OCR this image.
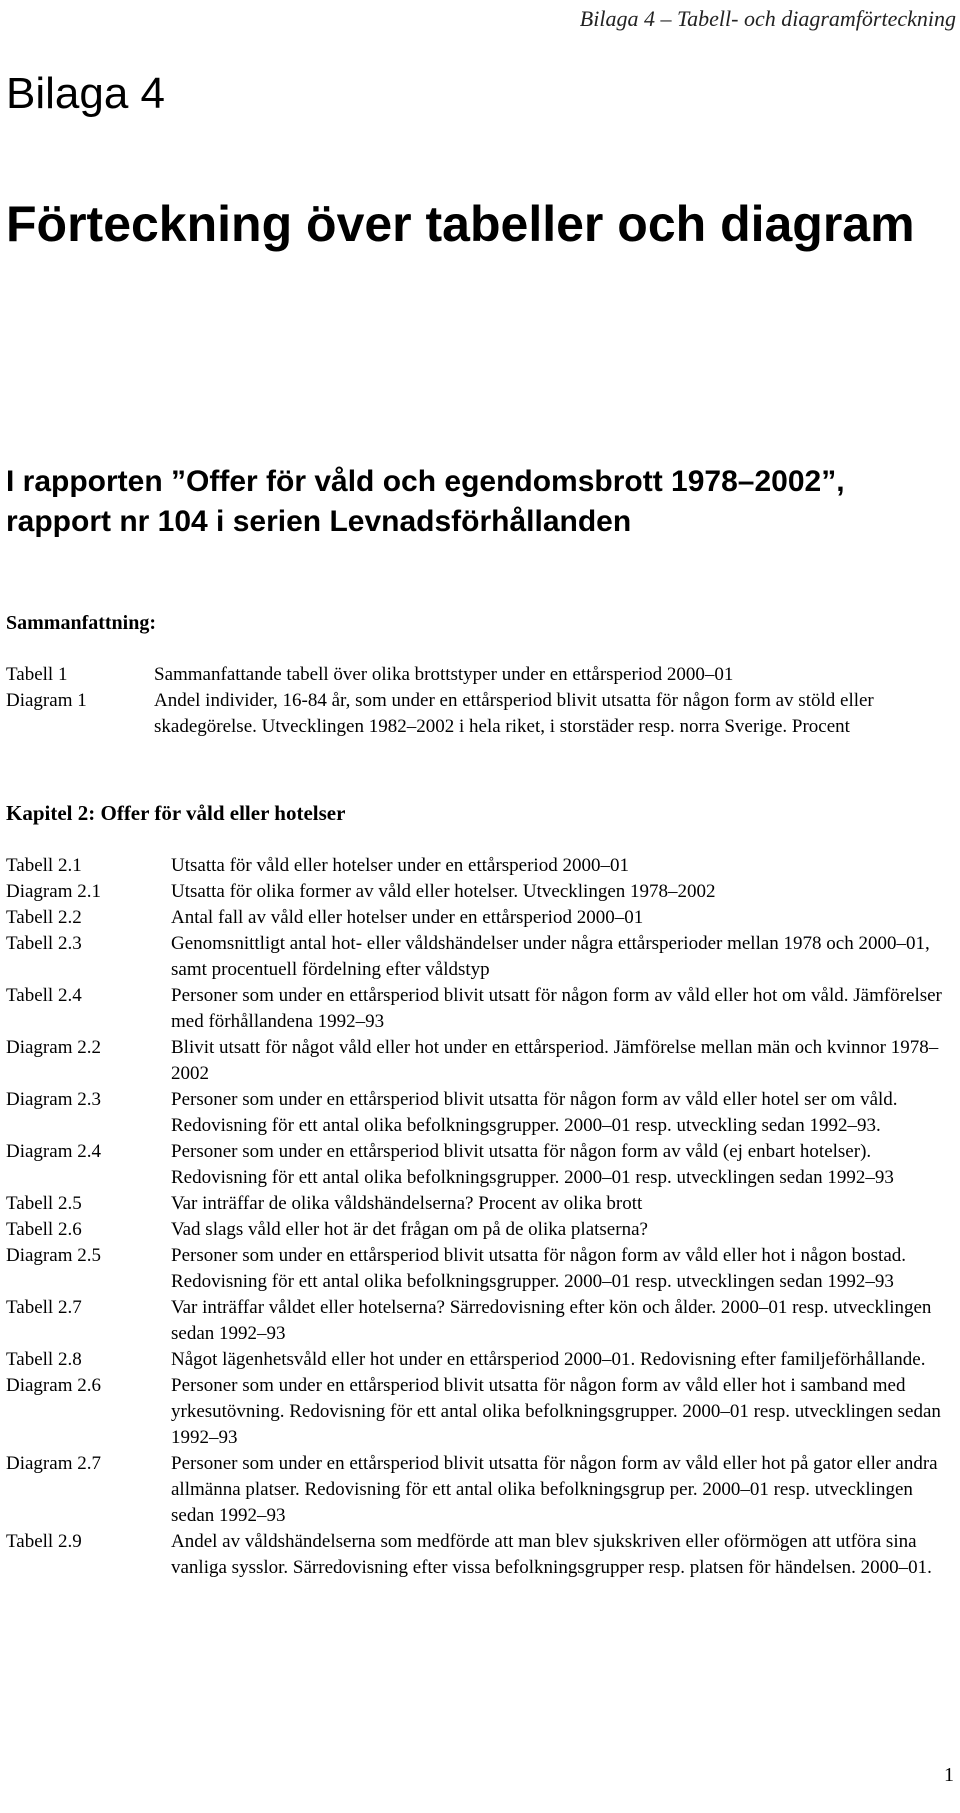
Bilaga 4 – Tabell- och diagramförteckning
Bilaga 4
Förteckning över tabeller och diagram
I rapporten ”Offer för våld och egendomsbrott 1978–2002”, rapport nr 104 i serien Levnadsförhållanden
Sammanfattning:
Tabell 1	Sammanfattande tabell över olika brottstyper under en ettårsperiod 2000–01
Diagram 1	Andel individer, 16-84 år, som under en ettårsperiod blivit utsatta för någon form av stöld eller skadegörelse. Utvecklingen 1982–2002 i hela riket, i storstäder resp. norra Sverige. Procent
Kapitel 2: Offer för våld eller hotelser
Tabell 2.1	Utsatta för våld eller hotelser under en ettårsperiod 2000–01
Diagram 2.1	Utsatta för olika former av våld eller hotelser. Utvecklingen 1978–2002
Tabell 2.2	Antal fall av våld eller hotelser under en ettårsperiod 2000–01
Tabell 2.3	Genomsnittligt antal hot- eller våldshändelser under några ettårsperioder mellan 1978 och 2000–01, samt procentuell fördelning efter våldstyp
Tabell 2.4	Personer som under en ettårsperiod blivit utsatt för någon form av våld eller hot om våld. Jämförelser med förhållandena 1992–93
Diagram 2.2	Blivit utsatt för något våld eller hot under en ettårsperiod. Jämförelse mellan män och kvinnor 1978–2002
Diagram 2.3	Personer som under en ettårsperiod blivit utsatta för någon form av våld eller hotel ser om våld. Redovisning för ett antal olika befolkningsgrupper. 2000–01 resp. utveckling sedan 1992–93.
Diagram 2.4	Personer som under en ettårsperiod blivit utsatta för någon form av våld (ej enbart hotelser). Redovisning för ett antal olika befolkningsgrupper. 2000–01 resp. utvecklingen sedan 1992–93
Tabell 2.5	Var inträffar de olika våldshändelserna? Procent av olika brott
Tabell 2.6	Vad slags våld eller hot är det frågan om på de olika platserna?
Diagram 2.5	Personer som under en ettårsperiod blivit utsatta för någon form av våld eller hot i någon bostad. Redovisning för ett antal olika befolkningsgrupper. 2000–01 resp. utvecklingen sedan 1992–93
Tabell 2.7	Var inträffar våldet eller hotelserna? Särredovisning efter kön och ålder. 2000–01 resp. utvecklingen sedan 1992–93
Tabell 2.8	Något lägenhetsvåld eller hot under en ettårsperiod 2000–01. Redovisning efter familjeförhållande.
Diagram 2.6	Personer som under en ettårsperiod blivit utsatta för någon form av våld eller hot i samband med yrkesutövning. Redovisning för ett antal olika befolkningsgrupper. 2000–01 resp. utvecklingen sedan 1992–93
Diagram 2.7	Personer som under en ettårsperiod blivit utsatta för någon form av våld eller hot på gator eller andra allmänna platser. Redovisning för ett antal olika befolkningsgrup per. 2000–01 resp. utvecklingen sedan 1992–93
Tabell 2.9	Andel av våldshändelserna som medförde att man blev sjukskriven eller oförmögen att utföra sina vanliga sysslor. Särredovisning efter vissa befolkningsgrupper resp. platsen för händelsen. 2000–01.
1
